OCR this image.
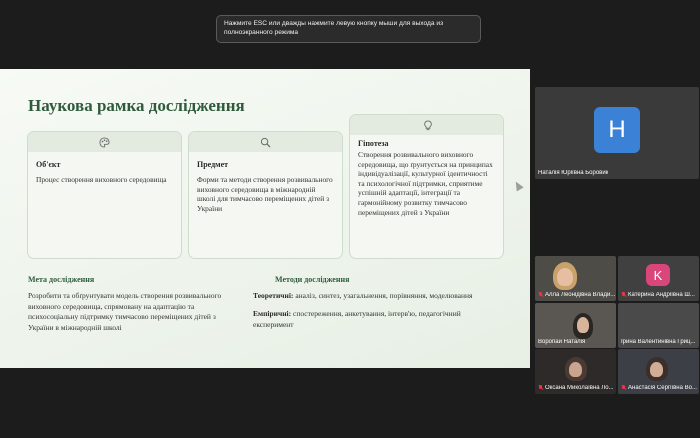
Нажмите ESC или дважды нажмите левую кнопку мыши для выхода из полноэкранного режима
Наукова рамка дослідження
Об'єкт
Процес створення виховного середовища
Предмет
Форми та методи створення розвивального виховного середовища в міжнародній школі для тимчасово переміщених дітей з України
Гіпотеза
Створення розвивального виховного середовища, що ґрунтується на принципах індивідуалізації, культурної ідентичності та психологічної підтримки, сприятиме успішній адаптації, інтеграції та гармонійному розвитку тимчасово переміщених дітей з України
Мета дослідження
Розробити та обґрунтувати модель створення розвивального виховного середовища, спрямовану на адаптацію та психосоціальну підтримку тимчасово переміщених дітей з України в міжнародній школі
Методи дослідження
Теоретичні: аналіз, синтез, узагальнення, порівняння, моделювання
Емпіричні: спостереження, анкетування, інтерв'ю, педагогічний експеримент
Н
Наталія Юріївна Боровик
Алла Леонідівна Влади...
K
Катерина Андріївна Ш...
Воропай Наталія	Ірина Валентинівна Гриц...
Оксана Миколаївна Ло... Анастасія Сергіївна Во...
